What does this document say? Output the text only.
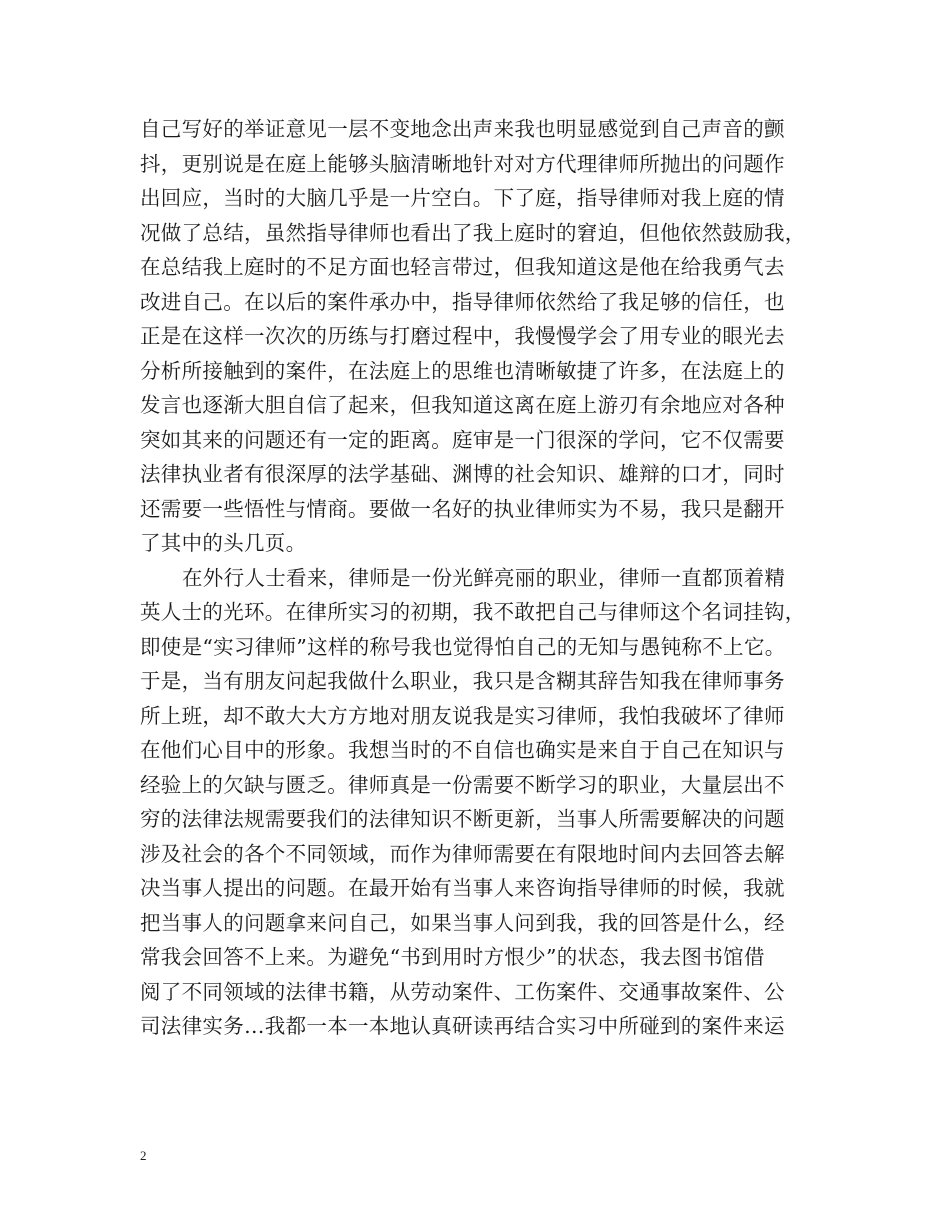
自己写好的举证意见一层不变地念出声来我也明显感觉到自己声音的颤
抖，更别说是在庭上能够头脑清晰地针对对方代理律师所抛出的问题作
出回应，当时的大脑几乎是一片空白。下了庭，指导律师对我上庭的情
况做了总结，虽然指导律师也看出了我上庭时的窘迫，但他依然鼓励我，
在总结我上庭时的不足方面也轻言带过，但我知道这是他在给我勇气去
改进自己。在以后的案件承办中，指导律师依然给了我足够的信任，也
正是在这样一次次的历练与打磨过程中，我慢慢学会了用专业的眼光去
分析所接触到的案件，在法庭上的思维也清晰敏捷了许多，在法庭上的
发言也逐渐大胆自信了起来，但我知道这离在庭上游刃有余地应对各种
突如其来的问题还有一定的距离。庭审是一门很深的学问，它不仅需要
法律执业者有很深厚的法学基础、渊博的社会知识、雄辩的口才，同时
还需要一些悟性与情商。要做一名好的执业律师实为不易，我只是翻开
了其中的头几页。
在外行人士看来，律师是一份光鲜亮丽的职业，律师一直都顶着精
英人士的光环。在律所实习的初期，我不敢把自己与律师这个名词挂钩，
即使是“实习律师”这样的称号我也觉得怕自己的无知与愚钝称不上它。
于是，当有朋友问起我做什么职业，我只是含糊其辞告知我在律师事务
所上班，却不敢大大方方地对朋友说我是实习律师，我怕我破坏了律师
在他们心目中的形象。我想当时的不自信也确实是来自于自己在知识与
经验上的欠缺与匮乏。律师真是一份需要不断学习的职业，大量层出不
穷的法律法规需要我们的法律知识不断更新，当事人所需要解决的问题
涉及社会的各个不同领域，而作为律师需要在有限地时间内去回答去解
决当事人提出的问题。在最开始有当事人来咨询指导律师的时候，我就
把当事人的问题拿来问自己，如果当事人问到我，我的回答是什么，经
常我会回答不上来。为避免“书到用时方恨少”的状态，我去图书馆借
阅了不同领域的法律书籍，从劳动案件、工伤案件、交通事故案件、公
司法律实务…我都一本一本地认真研读再结合实习中所碰到的案件来运
2
